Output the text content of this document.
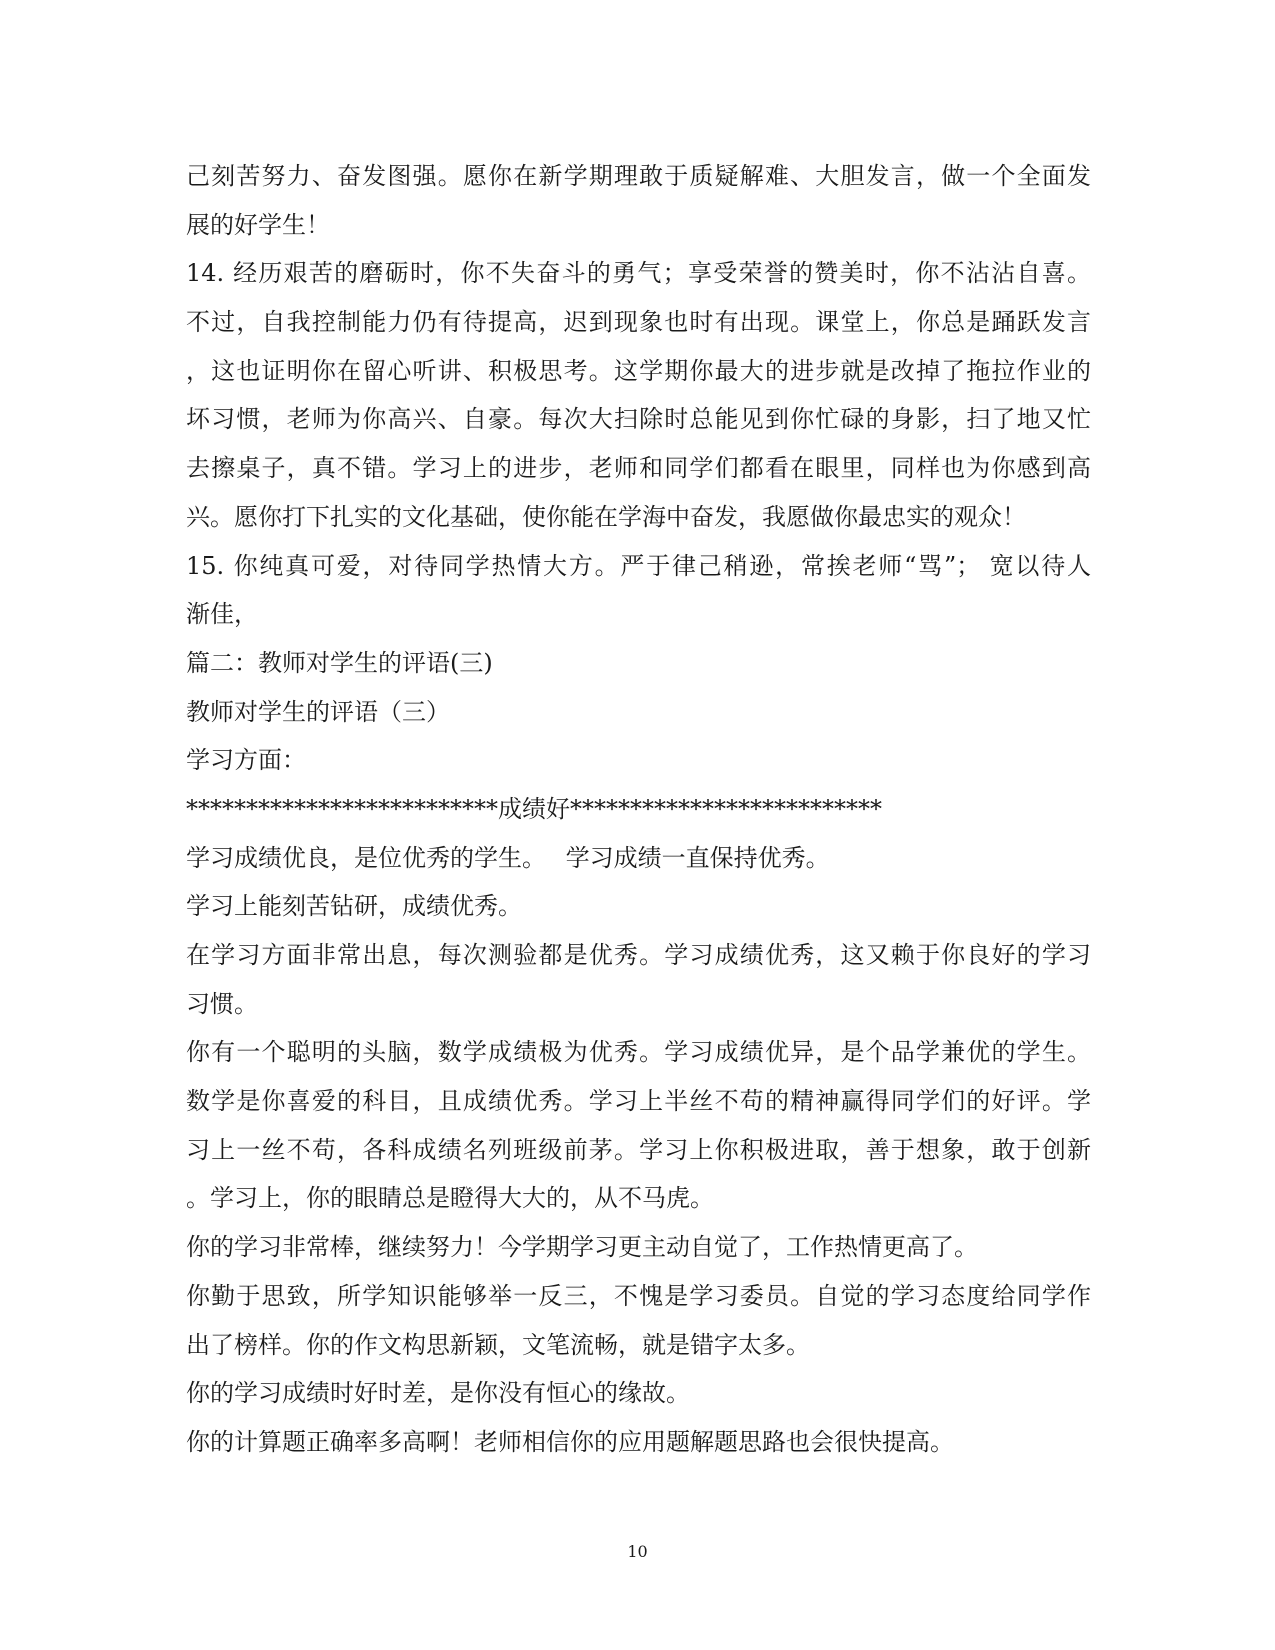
己刻苦努力、奋发图强。愿你在新学期理敢于质疑解难、大胆发言，做一个全面发
展的好学生！
14. 经历艰苦的磨砺时，你不失奋斗的勇气；享受荣誉的赞美时，你不沾沾自喜。
不过，自我控制能力仍有待提高，迟到现象也时有出现。课堂上，你总是踊跃发言
，这也证明你在留心听讲、积极思考。这学期你最大的进步就是改掉了拖拉作业的
坏习惯，老师为你高兴、自豪。每次大扫除时总能见到你忙碌的身影，扫了地又忙
去擦桌子，真不错。学习上的进步，老师和同学们都看在眼里，同样也为你感到高
兴。愿你打下扎实的文化基础，使你能在学海中奋发，我愿做你最忠实的观众！
15. 你纯真可爱，对待同学热情大方。严于律己稍逊，常挨老师“骂”； 宽以待人
渐佳，
篇二：教师对学生的评语(三)
教师对学生的评语（三）
学习方面：
**************************成绩好**************************
学习成绩优良，是位优秀的学生。　 学习成绩一直保持优秀。
学习上能刻苦钻研，成绩优秀。
在学习方面非常出息，每次测验都是优秀。学习成绩优秀，这又赖于你良好的学习
习惯。
你有一个聪明的头脑，数学成绩极为优秀。学习成绩优异，是个品学兼优的学生。
数学是你喜爱的科目，且成绩优秀。学习上半丝不苟的精神赢得同学们的好评。学
习上一丝不苟，各科成绩名列班级前茅。学习上你积极进取，善于想象，敢于创新
。学习上，你的眼睛总是瞪得大大的，从不马虎。
你的学习非常棒，继续努力！今学期学习更主动自觉了，工作热情更高了。
你勤于思致，所学知识能够举一反三，不愧是学习委员。自觉的学习态度给同学作
出了榜样。你的作文构思新颖，文笔流畅，就是错字太多。
你的学习成绩时好时差，是你没有恒心的缘故。
你的计算题正确率多高啊！老师相信你的应用题解题思路也会很快提高。
10
